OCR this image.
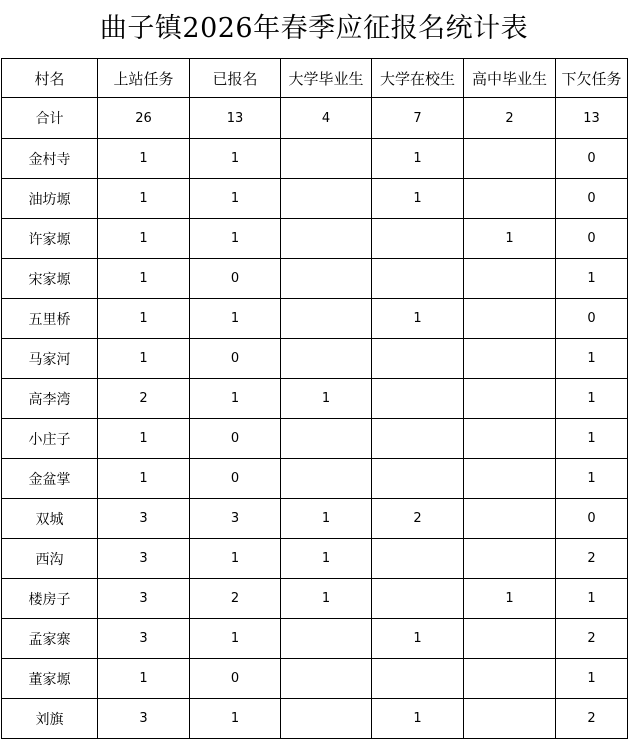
曲子镇2026年春季应征报名统计表
村名	上站任务	已报名	大学毕业生	大学在校生	高中毕业生	下欠任务
合计	26	13	4	7	2	13
金村寺	1	1		1		0
油坊塬	1	1		1		0
许家塬	1	1			1	0
宋家塬	1	0				1
五里桥	1	1		1		0
马家河	1	0				1
高李湾	2	1	1			1
小庄子	1	0				1
金盆掌	1	0				1
双城	3	3	1	2		0
西沟	3	1	1			2
楼房子	3	2	1		1	1
孟家寨	3	1		1		2
董家塬	1	0				1
刘旗	3	1		1		2
